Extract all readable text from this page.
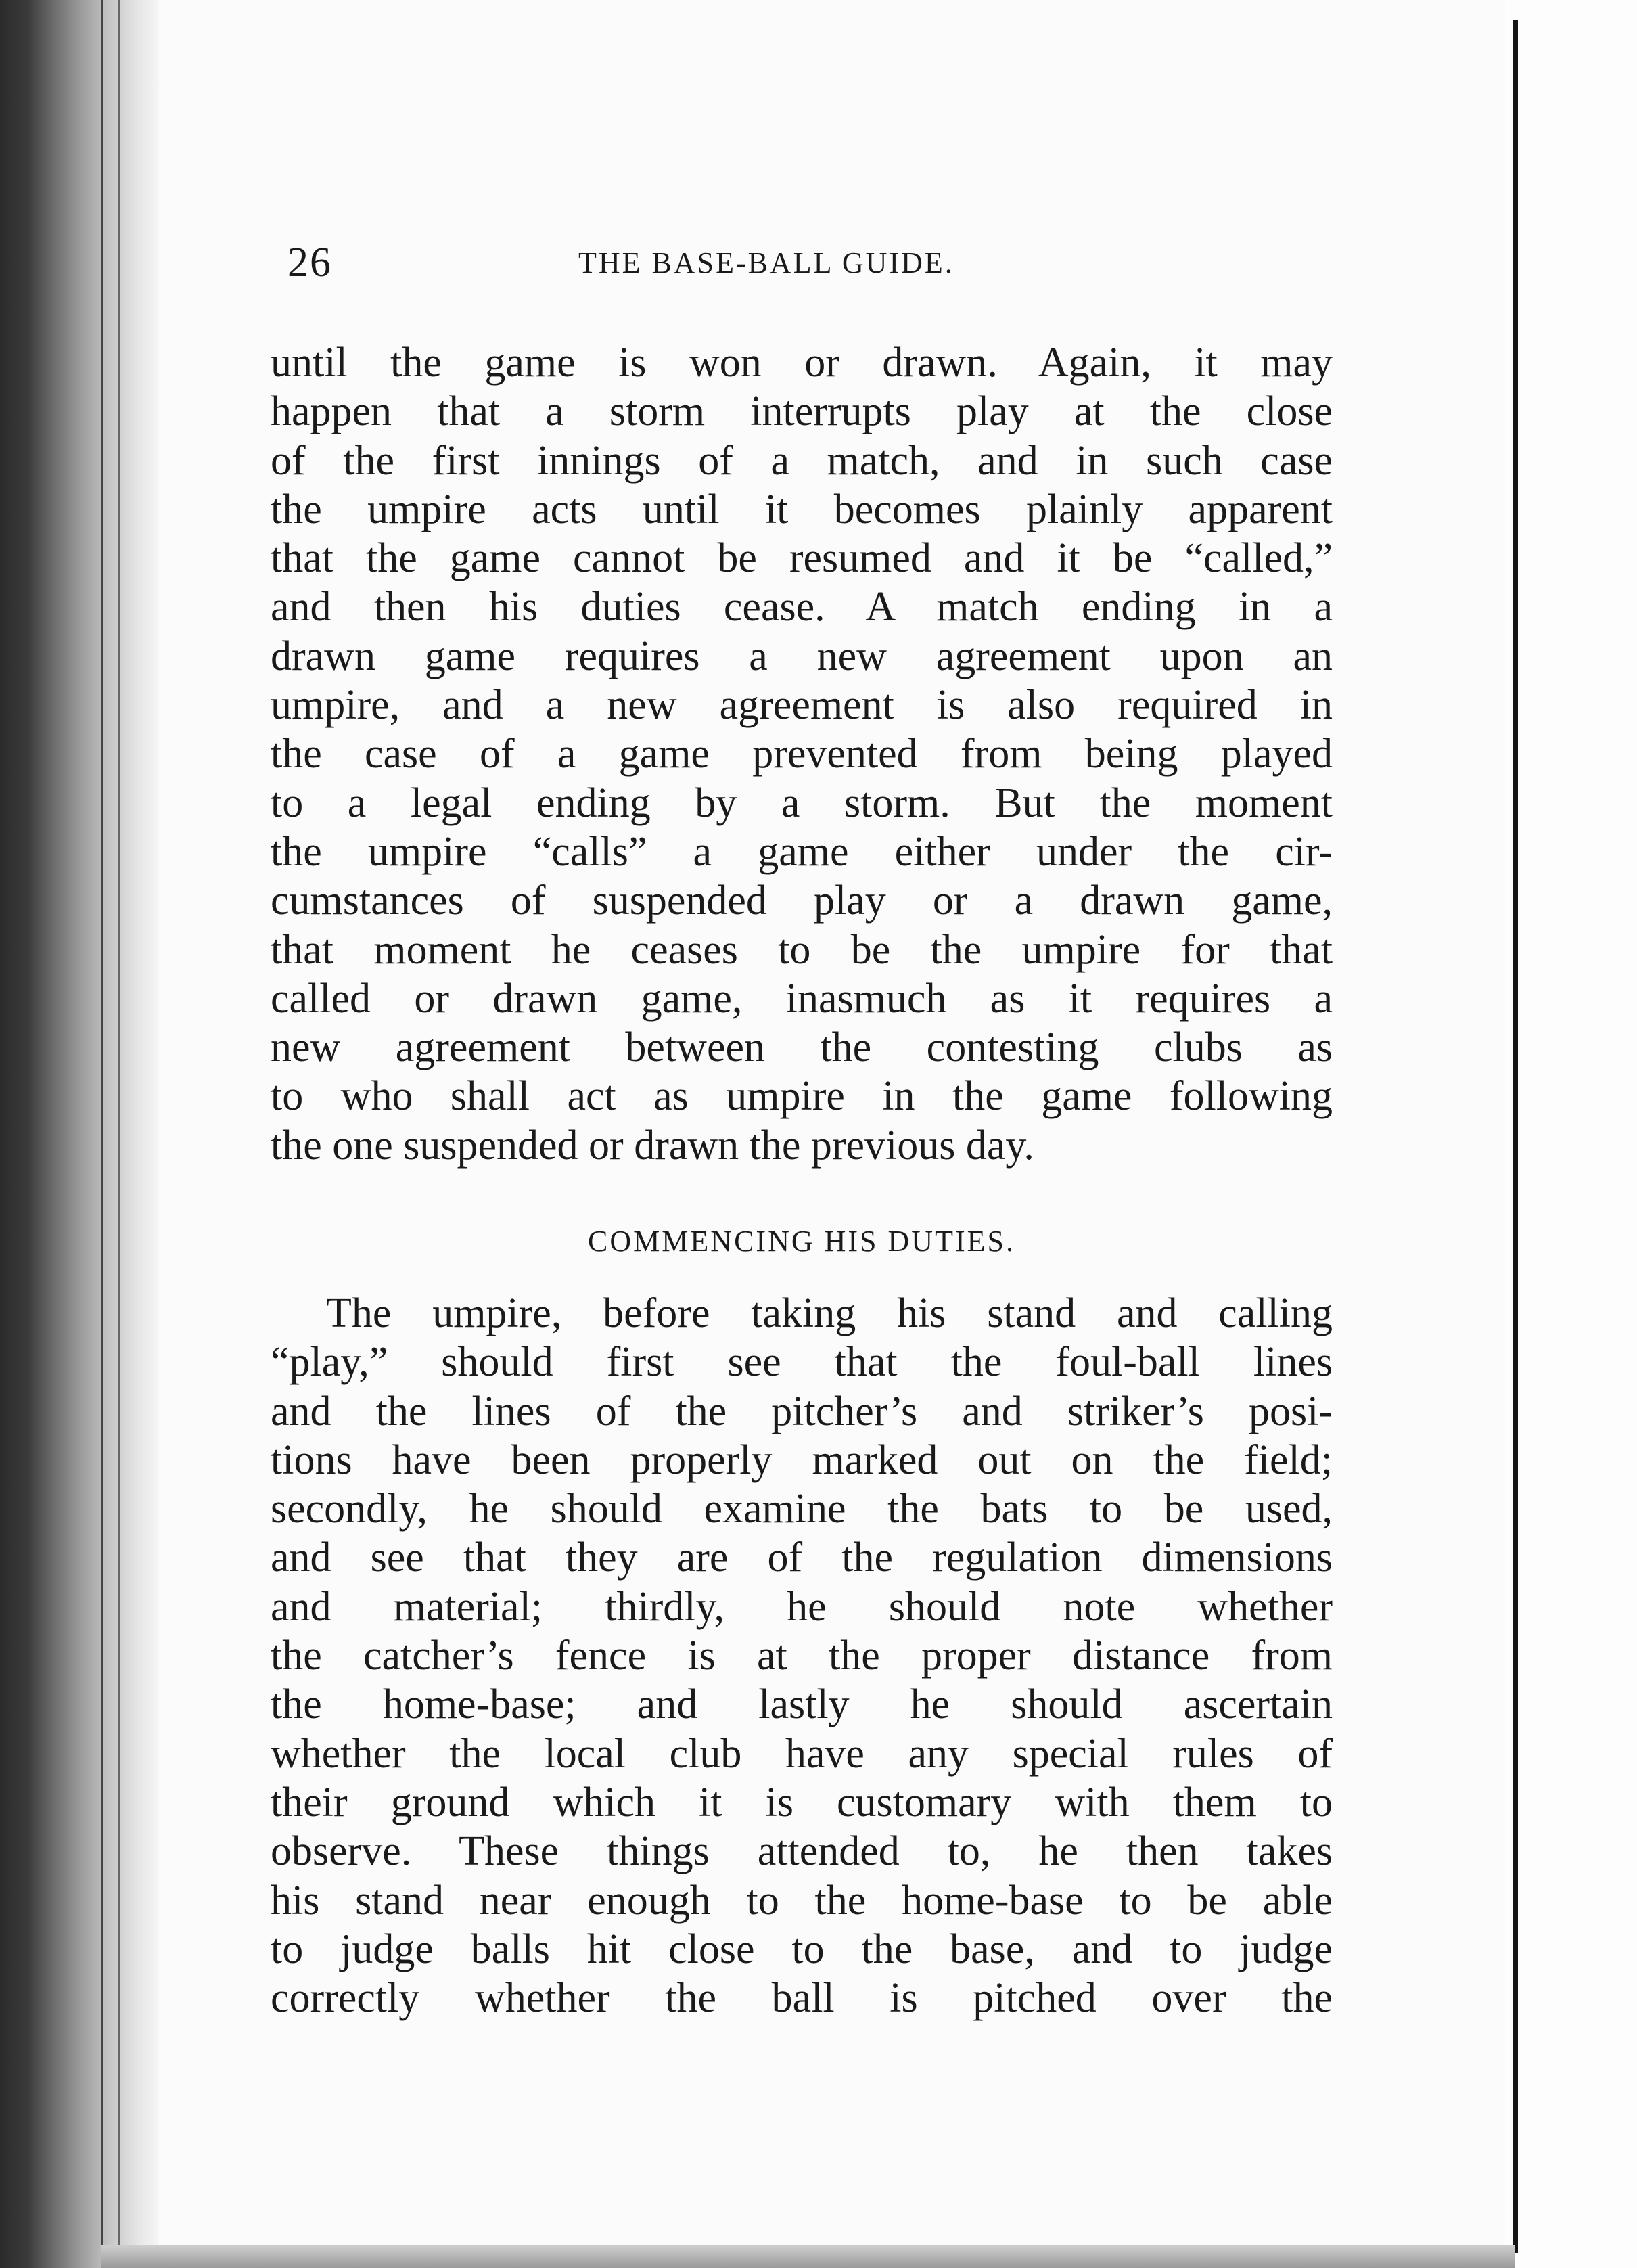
26	THE BASE-BALL GUIDE.
until the game is won or drawn. Again, it may
happen that a storm interrupts play at the close
of the first innings of a match, and in such case
the umpire acts until it becomes plainly apparent
that the game cannot be resumed and it be “called,”
and then his duties cease. A match ending in a
drawn game requires a new agreement upon an
umpire, and a new agreement is also required in
the case of a game prevented from being played
to a legal ending by a storm. But the moment
the umpire “calls” a game either under the cir-
cumstances of suspended play or a drawn game,
that moment he ceases to be the umpire for that
called or drawn game, inasmuch as it requires a
new agreement between the contesting clubs as
to who shall act as umpire in the game following
the one suspended or drawn the previous day.
COMMENCING HIS DUTIES.
The umpire, before taking his stand and calling
“play,” should first see that the foul-ball lines
and the lines of the pitcher’s and striker’s posi-
tions have been properly marked out on the field;
secondly, he should examine the bats to be used,
and see that they are of the regulation dimensions
and material; thirdly, he should note whether
the catcher’s fence is at the proper distance from
the home-base; and lastly he should ascertain
whether the local club have any special rules of
their ground which it is customary with them to
observe. These things attended to, he then takes
his stand near enough to the home-base to be able
to judge balls hit close to the base, and to judge
correctly whether the ball is pitched over the
